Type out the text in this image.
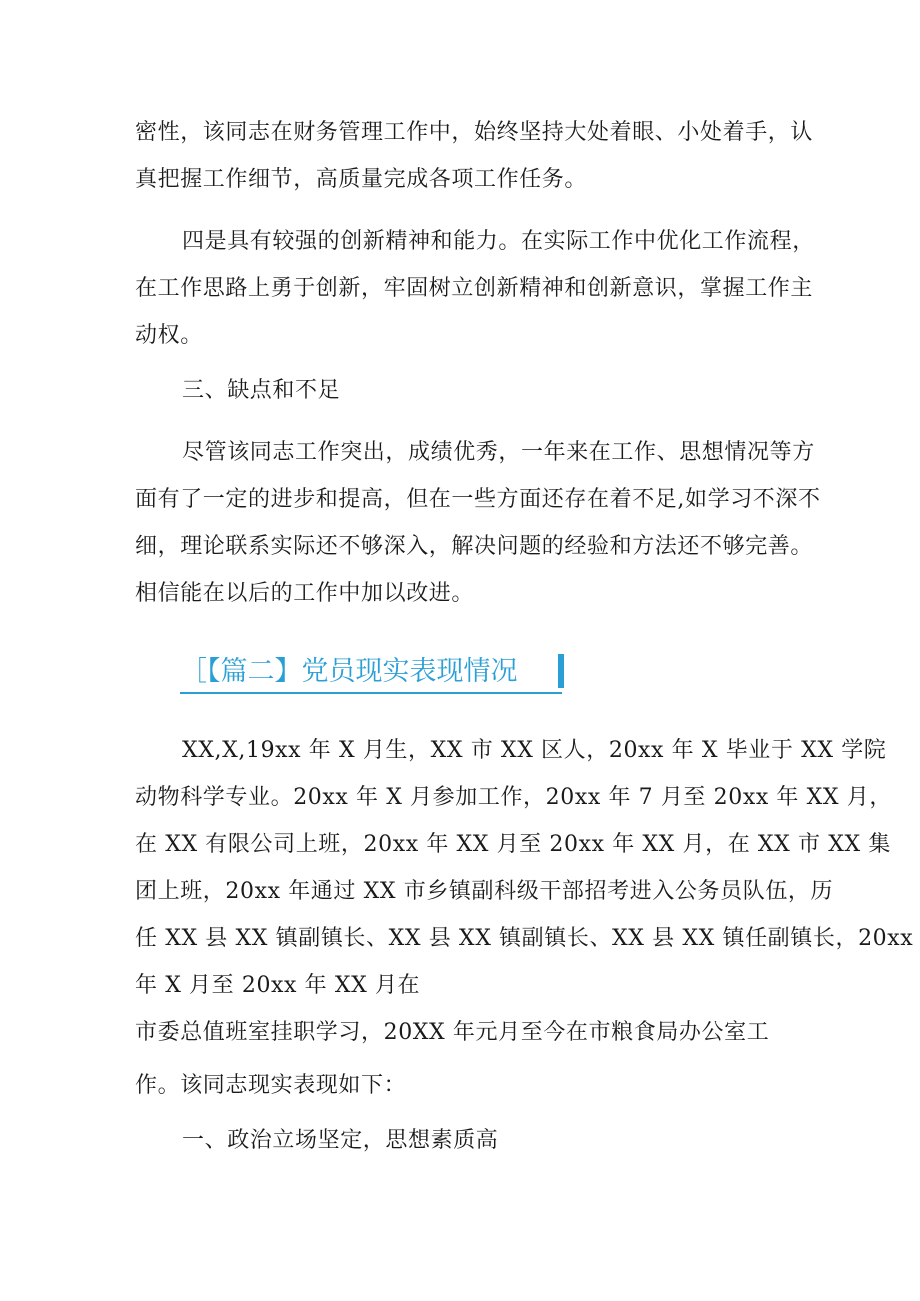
密性，该同志在财务管理工作中，始终坚持大处着眼、小处着手，认
真把握工作细节，高质量完成各项工作任务。
四是具有较强的创新精神和能力。在实际工作中优化工作流程，
在工作思路上勇于创新，牢固树立创新精神和创新意识，掌握工作主
动权。
三、缺点和不足
尽管该同志工作突出，成绩优秀，一年来在工作、思想情况等方
面有了一定的进步和提高，但在一些方面还存在着不足,如学习不深不
细，理论联系实际还不够深入，解决问题的经验和方法还不够完善。
相信能在以后的工作中加以改进。
［【篇二】党员现实表现情况
XX,X,19xx 年 X 月生，XX 市 XX 区人，20xx 年 X 毕业于 XX 学院
动物科学专业。20xx 年 X 月参加工作，20xx 年 7 月至 20xx 年 XX 月，
在 XX 有限公司上班，20xx 年 XX 月至 20xx 年 XX 月，在 XX 市 XX 集
团上班，20xx 年通过 XX 市乡镇副科级干部招考进入公务员队伍，历
任 XX 县 XX 镇副镇长、XX 县 XX 镇副镇长、XX 县 XX 镇任副镇长，20xx
年 X 月至 20xx 年 XX 月在
市委总值班室挂职学习，20XX 年元月至今在市粮食局办公室工
作。该同志现实表现如下：
一、政治立场坚定，思想素质高
